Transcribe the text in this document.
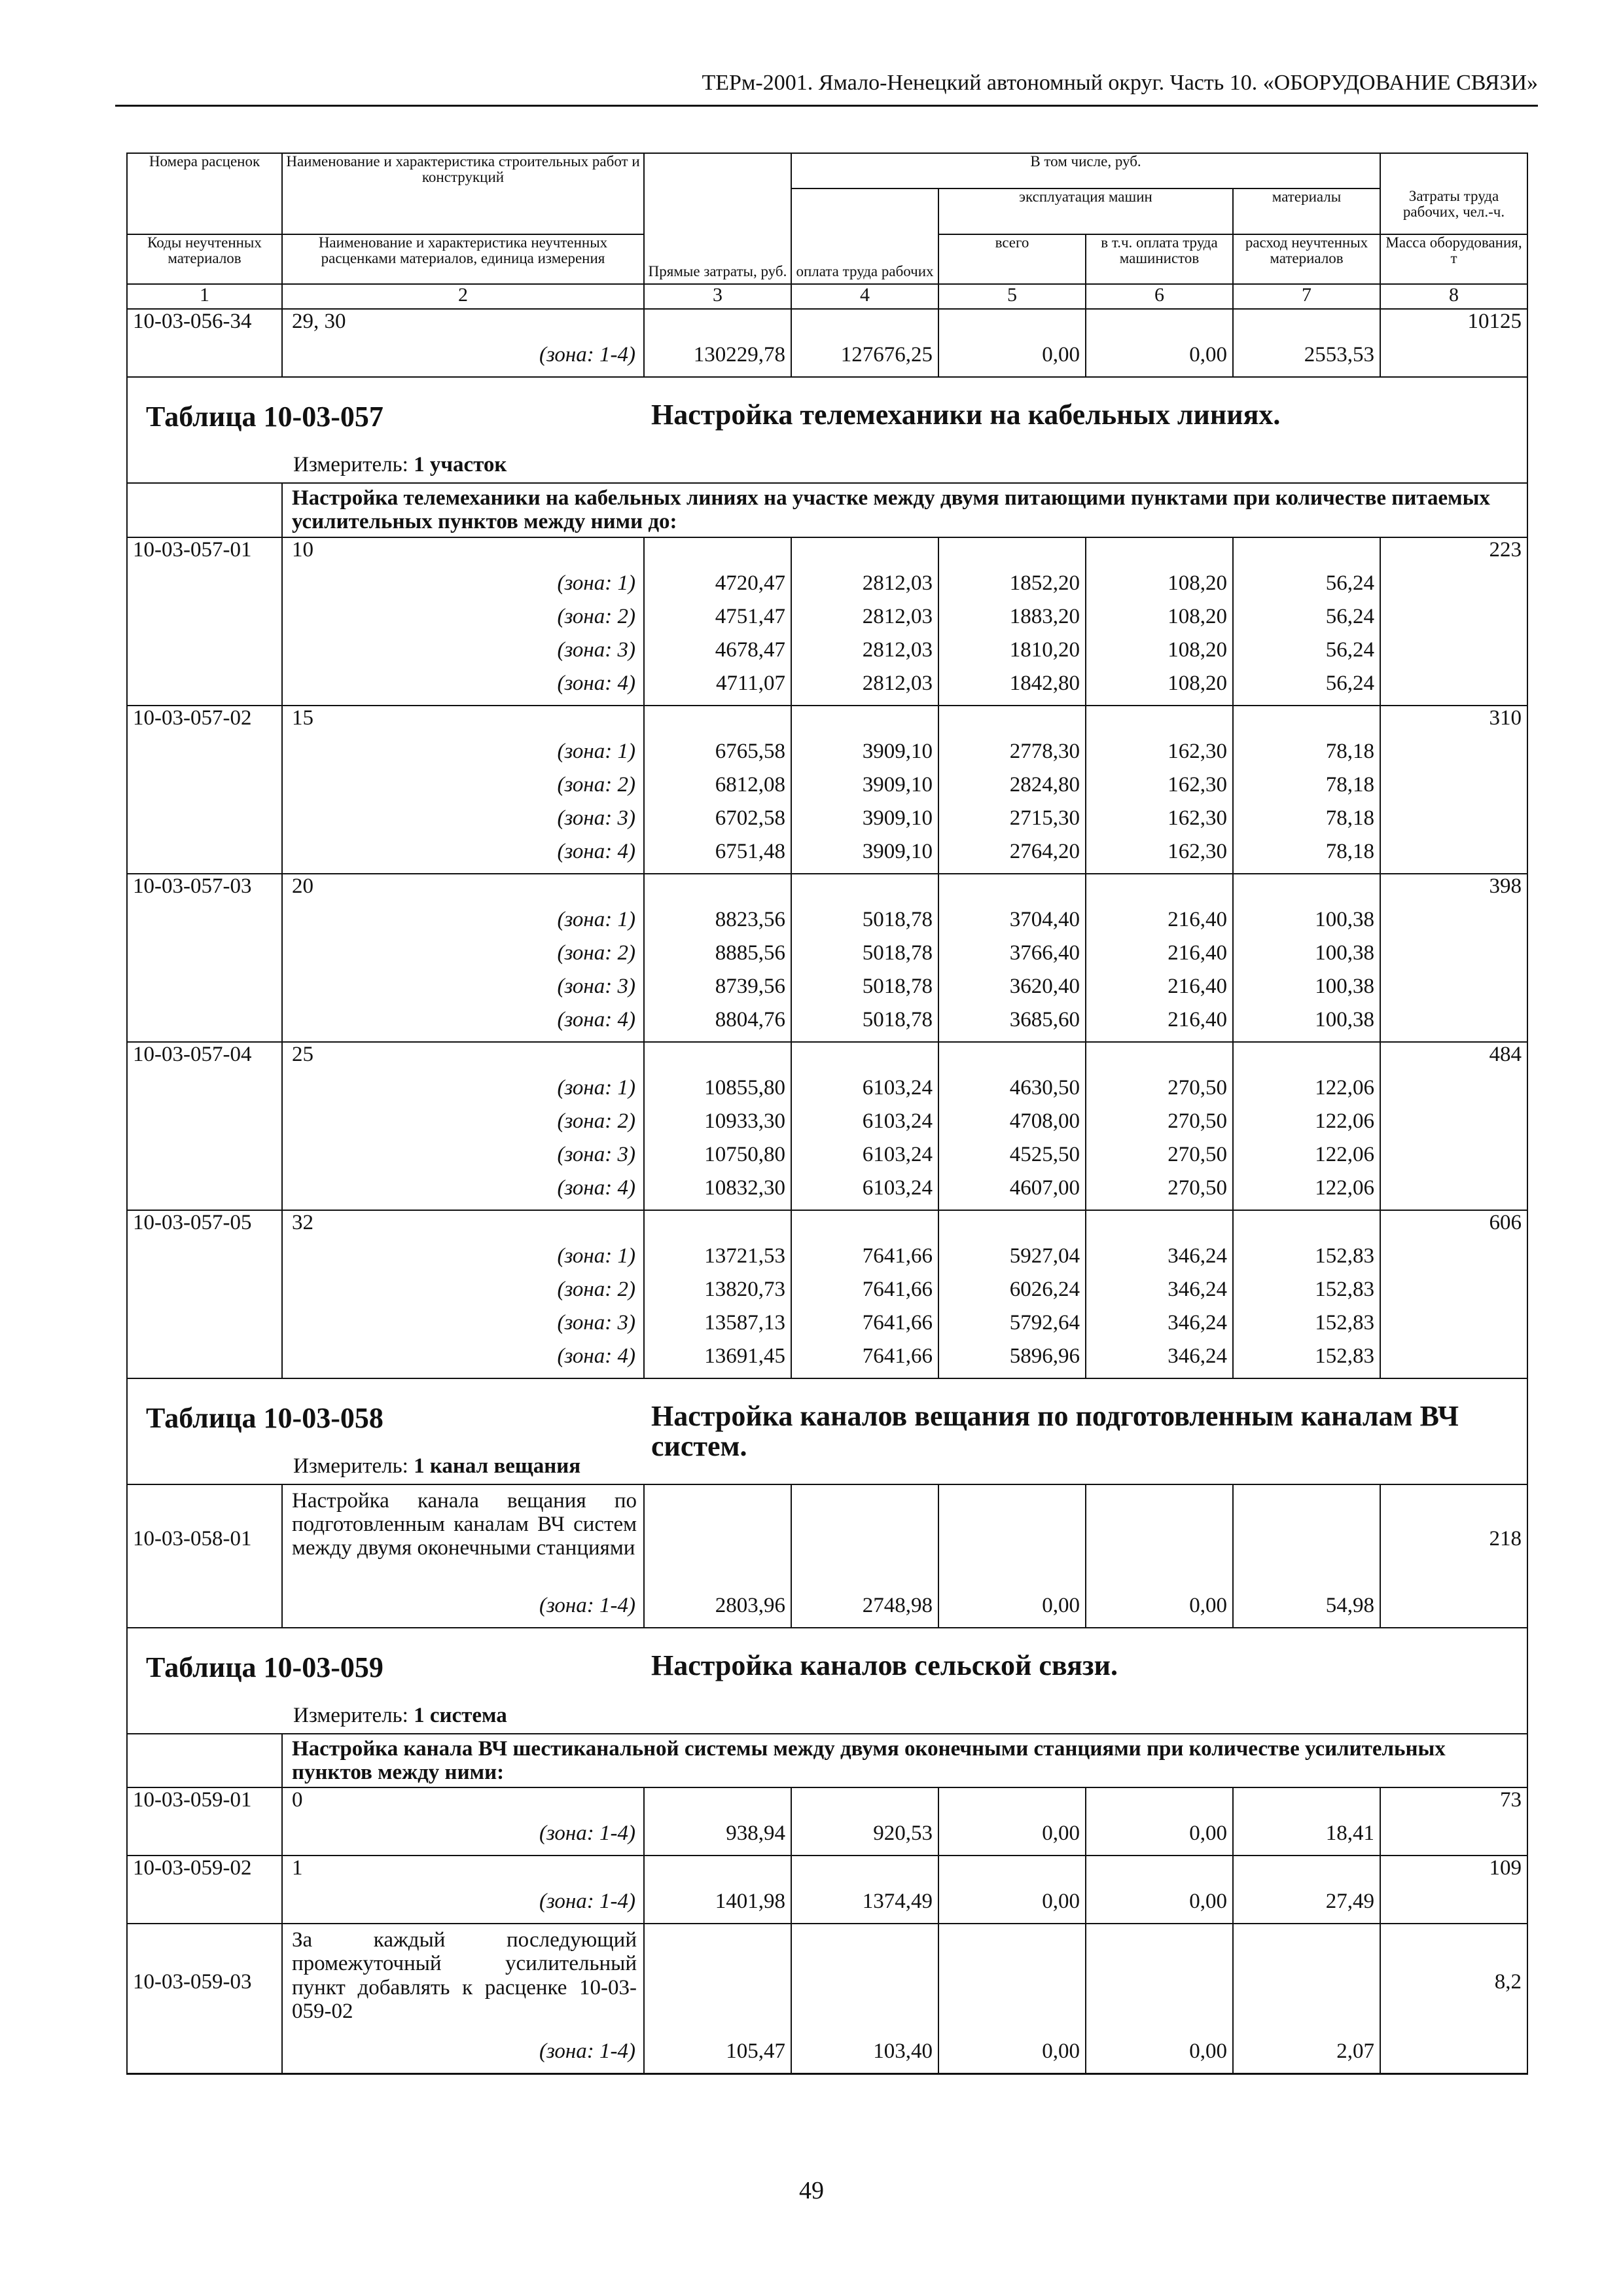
ТЕРм-2001. Ямало-Ненецкий автономный округ. Часть 10. «ОБОРУДОВАНИЕ СВЯЗИ»
Номера расценок	Наименование и характеристика строительных работ и конструкций	Прямые затраты, руб.	В том числе, руб.				
			оплата труда рабочих	эксплуатация машин		материалы	Затраты труда рабочих, чел.-ч.
Коды неучтенных материалов	Наименование и характеристика неучтенных расценками материалов, единица измерения			всего	в т.ч. оплата труда машинистов	расход неучтенных материалов	Масса оборудования, т
1	2	3	4	5	6	7	8
10-03-056-34	29, 30						10125
	(зона: 1-4)	130229,78	127676,25	0,00	0,00	2553,53	

Таблица 10-03-057 Настройка телемеханики на кабельных линиях.
Измеритель: 1 участок							

	Настройка телемеханики на кабельных линиях на участке между двумя питающими пунктами при количестве питаемых усилительных пунктов между ними до:						
10-03-057-01	10						223
	(зона: 1)	4720,47	2812,03	1852,20	108,20	56,24	
	(зона: 2)	4751,47	2812,03	1883,20	108,20	56,24	
	(зона: 3)	4678,47	2812,03	1810,20	108,20	56,24	
	(зона: 4)	4711,07	2812,03	1842,80	108,20	56,24	
10-03-057-02	15						310
	(зона: 1)	6765,58	3909,10	2778,30	162,30	78,18	
	(зона: 2)	6812,08	3909,10	2824,80	162,30	78,18	
	(зона: 3)	6702,58	3909,10	2715,30	162,30	78,18	
	(зона: 4)	6751,48	3909,10	2764,20	162,30	78,18	
10-03-057-03	20						398
	(зона: 1)	8823,56	5018,78	3704,40	216,40	100,38	
	(зона: 2)	8885,56	5018,78	3766,40	216,40	100,38	
	(зона: 3)	8739,56	5018,78	3620,40	216,40	100,38	
	(зона: 4)	8804,76	5018,78	3685,60	216,40	100,38	
10-03-057-04	25						484
	(зона: 1)	10855,80	6103,24	4630,50	270,50	122,06	
	(зона: 2)	10933,30	6103,24	4708,00	270,50	122,06	
	(зона: 3)	10750,80	6103,24	4525,50	270,50	122,06	
	(зона: 4)	10832,30	6103,24	4607,00	270,50	122,06	
10-03-057-05	32						606
	(зона: 1)	13721,53	7641,66	5927,04	346,24	152,83	
	(зона: 2)	13820,73	7641,66	6026,24	346,24	152,83	
	(зона: 3)	13587,13	7641,66	5792,64	346,24	152,83	
	(зона: 4)	13691,45	7641,66	5896,96	346,24	152,83	

Таблица 10-03-058 Настройка каналов вещания по подготовленным каналам ВЧ систем.
Измеритель: 1 канал вещания							

10-03-058-01	Настройка канала вещания по подготовленным каналам ВЧ систем между двумя оконечными станциями						218
	(зона: 1-4)	2803,96	2748,98	0,00	0,00	54,98	

Таблица 10-03-059 Настройка каналов сельской связи.
Измеритель: 1 система							

	Настройка канала ВЧ шестиканальной системы между двумя оконечными станциями при количестве усилительных пунктов между ними:						
10-03-059-01	0						73
	(зона: 1-4)	938,94	920,53	0,00	0,00	18,41	
10-03-059-02	1						109
	(зона: 1-4)	1401,98	1374,49	0,00	0,00	27,49	
10-03-059-03	За каждый последующий промежуточный усилительный пункт добавлять к расценке 10-03-059-02						8,2
	(зона: 1-4)	105,47	103,40	0,00	0,00	2,07	
49
